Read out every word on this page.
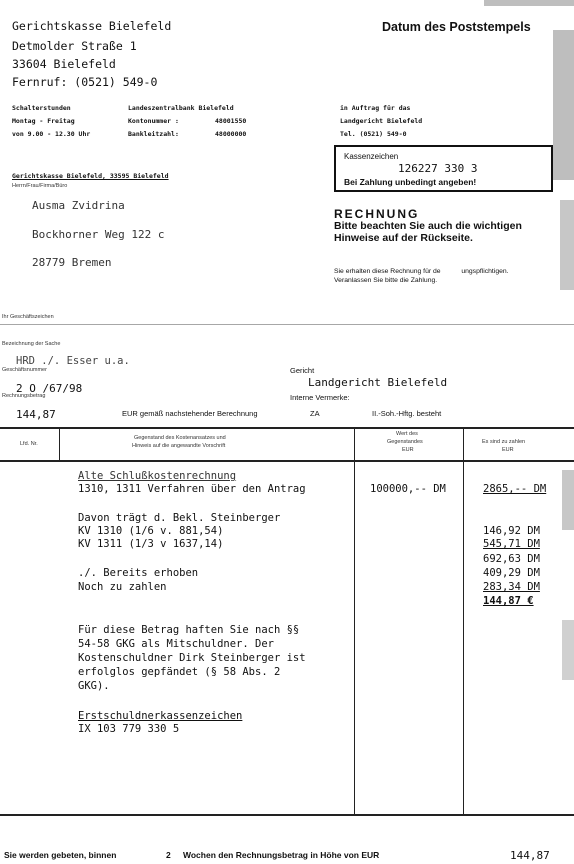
Gerichtskasse Bielefeld
Detmolder Straße 1
33604 Bielefeld
Fernruf: (0521) 549-0
Datum des Poststempels
Schalterstunden
Montag - Freitag
von 9.00 - 12.30 Uhr
Landeszentralbank Bielefeld
Kontonummer :	48001550
Bankleitzahl:	48000000
in Auftrag für das
Landgericht Bielefeld
Tel. (0521) 549-0
Kassenzeichen
126227 330 3
Bei Zahlung unbedingt angeben!
Gerichtskasse Bielefeld, 33595 Bielefeld
Herrn/Frau/Firma/Büro
Ausma Zvidrina
Bockhorner Weg 122 c
28779 Bremen
RECHNUNG
Bitte beachten Sie auch die wichtigen
Hinweise auf der Rückseite.
Sie erhalten diese Rechnung für de           ungspflichtigen.
Veranlassen Sie bitte die Zahlung.
Ihr Geschäftszeichen
Bezeichnung der Sache
HRD ./. Esser u.a.
Geschäftsnummer	Gericht
Landgericht Bielefeld
Interne Vermerke:
2 O /67/98
Rechnungsbetrag
144,87	EUR gemäß nachstehender Berechnung	ZA	II.-Soh.-Hftg. besteht
Lfd. Nr.
Gegenstand des Kostenansatzes und
Hinweis auf die angewandte Vorschrift
Wert des
Gegenstandes
EUR
Es sind zu zahlen
EUR
Alte Schlußkostenrechnung
1310, 1311 Verfahren über den Antrag	100000,-- DM	2865,-- DM
Davon trägt d. Bekl. Steinberger
KV 1310 (1/6 v. 881,54)	146,92 DM
KV 1311 (1/3 v 1637,14)	545,71 DM
692,63 DM
./. Bereits erhoben	409,29 DM
Noch zu zahlen	283,34 DM
144,87 €
Für diese Betrag haften Sie nach §§
54-58 GKG als Mitschuldner. Der
Kostenschuldner Dirk Steinberger ist
erfolglos gepfändet (§ 58 Abs. 2
GKG).
Erstschuldnerkassenzeichen
IX 103 779 330 5
Sie werden gebeten, binnen	2 Wochen den Rechnungsbetrag in Höhe von EUR	144,87
